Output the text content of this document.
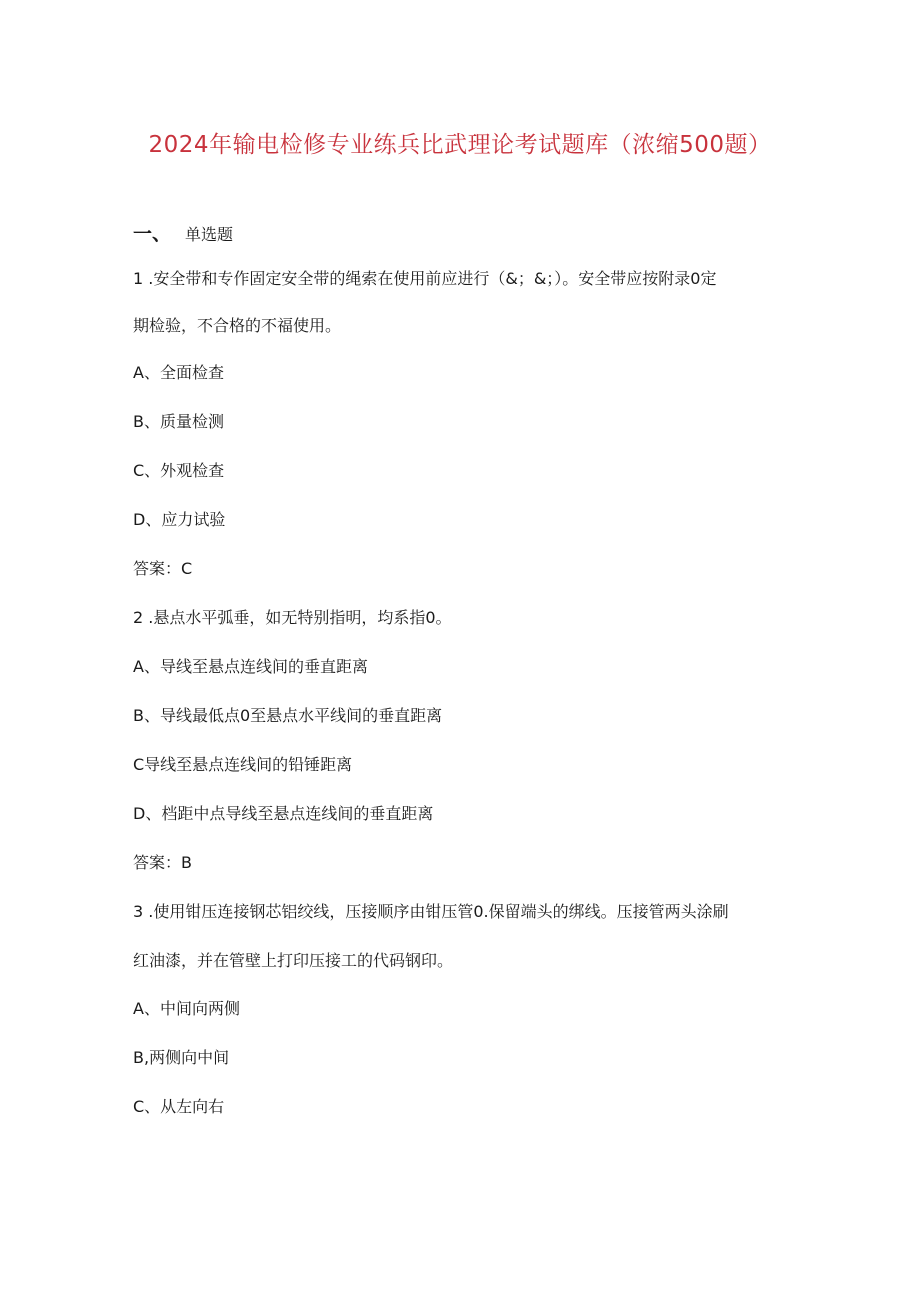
2024年输电检修专业练兵比武理论考试题库（浓缩500题）
一、 单选题
1 .安全带和专作固定安全带的绳索在使用前应进行（&；&；）。安全带应按附录0定
期检验，不合格的不福使用。
A、全面检查
B、质量检测
C、外观检查
D、应力试验
答案：C
2 .悬点水平弧垂，如无特别指明，均系指0。
A、导线至悬点连线间的垂直距离
B、导线最低点0至悬点水平线间的垂直距离
C导线至悬点连线间的铅锤距离
D、档距中点导线至悬点连线间的垂直距离
答案：B
3 .使用钳压连接钢芯铝绞线，压接顺序由钳压管0.保留端头的绑线。压接管两头涂刷
红油漆，并在管壁上打印压接工的代码钢印。
A、中间向两侧
B,两侧向中间
C、从左向右
